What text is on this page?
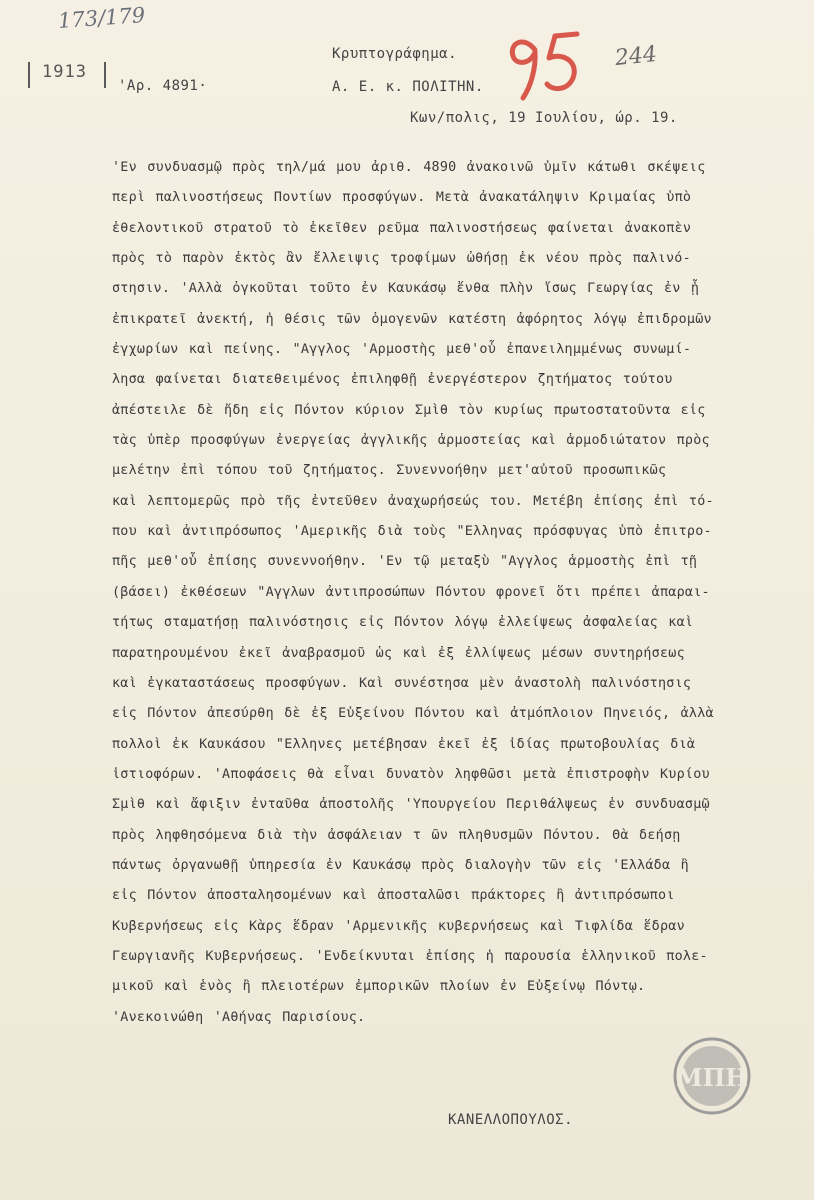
173/179
1913
'Αρ. 4891·
Κρυπτογράφημα.
Α. Ε. κ. ΠΟΛΙΤΗΝ.
Κων/πολις, 19 Ιουλίου, ώρ. 19.
244
'Εν συνδυασμῷ πρὸς τηλ/μά μου ἀριθ. 4890 ἀνακοινῶ ὑμῖν κάτωθι σκέψεις
περὶ παλινοστήσεως Ποντίων προσφύγων. Μετὰ ἀνακατάληψιν Κριμαίας ὑπὸ
ἐθελοντικοῦ στρατοῦ τὸ ἐκεῖθεν ρεῦμα παλινοστήσεως φαίνεται ἀνακοπὲν
πρὸς τὸ παρὸν ἐκτὸς ἂν ἔλλειψις τροφίμων ὠθήσῃ ἐκ νέου πρὸς παλινό-
στησιν. 'Αλλὰ ὀγκοῦται τοῦτο ἐν Καυκάσῳ ἔνθα πλὴν ἴσως Γεωργίας ἐν ᾗ
ἐπικρατεῖ ἀνεκτή, ἡ θέσις τῶν ὁμογενῶν κατέστη ἀφόρητος λόγῳ ἐπιδρομῶν
ἐγχωρίων καὶ πείνης. "Αγγλος 'Αρμοστὴς μεθ'οὗ ἐπανειλημμένως συνωμί-
λησα φαίνεται διατεθειμένος ἐπιληφθῇ ἐνεργέστερον ζητήματος τούτου
ἀπέστειλε δὲ ἤδη εἰς Πόντον κύριον Σμὶθ τὸν κυρίως πρωτοστατοῦντα εἰς
τὰς ὑπὲρ προσφύγων ἐνεργείας ἀγγλικῆς ἁρμοστείας καὶ ἁρμοδιώτατον πρὸς
μελέτην ἐπὶ τόπου τοῦ ζητήματος. Συνεννοήθην μετ'αὐτοῦ προσωπικῶς
καὶ λεπτομερῶς πρὸ τῆς ἐντεῦθεν ἀναχωρήσεώς του. Μετέβη ἐπίσης ἐπὶ τό-
που καὶ ἀντιπρόσωπος 'Αμερικῆς διὰ τοὺς "Ελληνας πρόσφυγας ὑπὸ ἐπιτρο-
πῆς μεθ'οὗ ἐπίσης συνεννοήθην. 'Εν τῷ μεταξὺ "Αγγλος ἁρμοστὴς ἐπὶ τῇ
(βάσει) ἐκθέσεων "Αγγλων ἀντιπροσώπων Πόντου φρονεῖ ὅτι πρέπει ἀπαραι-
τήτως σταματήσῃ παλινόστησις εἰς Πόντον λόγῳ ἐλλείψεως ἀσφαλείας καὶ
παρατηρουμένου ἐκεῖ ἀναβρασμοῦ ὡς καὶ ἐξ ἐλλίψεως μέσων συντηρήσεως
καὶ ἐγκαταστάσεως προσφύγων. Καὶ συνέστησα μὲν ἀναστολὴ παλινόστησις
εἰς Πόντον ἀπεσύρθη δὲ ἐξ Εὐξείνου Πόντου καὶ ἀτμόπλοιον Πηνειός, ἀλλὰ
πολλοὶ ἐκ Καυκάσου "Ελληνες μετέβησαν ἐκεῖ ἐξ ἰδίας πρωτοβουλίας διὰ
ἱστιοφόρων. 'Αποφάσεις θὰ εἶναι δυνατὸν ληφθῶσι μετὰ ἐπιστροφὴν Κυρίου
Σμὶθ καὶ ἄφιξιν ἐνταῦθα ἀποστολῆς 'Υπουργείου Περιθάλψεως ἐν συνδυασμῷ
πρὸς ληφθησόμενα διὰ τὴν ἀσφάλειαν τ ῶν πληθυσμῶν Πόντου. Θὰ δεήσῃ
πάντως ὀργανωθῇ ὑπηρεσία ἐν Καυκάσῳ πρὸς διαλογὴν τῶν εἰς 'Ελλάδα ἢ
εἰς Πόντον ἀποσταλησομένων καὶ ἀποσταλῶσι πράκτορες ἢ ἀντιπρόσωποι
Κυβερνήσεως εἰς Κὰρς ἕδραν 'Αρμενικῆς κυβερνήσεως καὶ Τιφλίδα ἕδραν
Γεωργιανῆς Κυβερνήσεως. 'Ενδείκνυται ἐπίσης ἡ παρουσία ἑλληνικοῦ πολε-
μικοῦ καὶ ἑνὸς ἢ πλειοτέρων ἐμπορικῶν πλοίων ἐν Εὐξείνῳ Πόντῳ.
'Ανεκοινώθη 'Αθήνας Παρισίους.
ΜΠΗ
ΚΑΝΕΛΛΟΠΟΥΛΟΣ.
